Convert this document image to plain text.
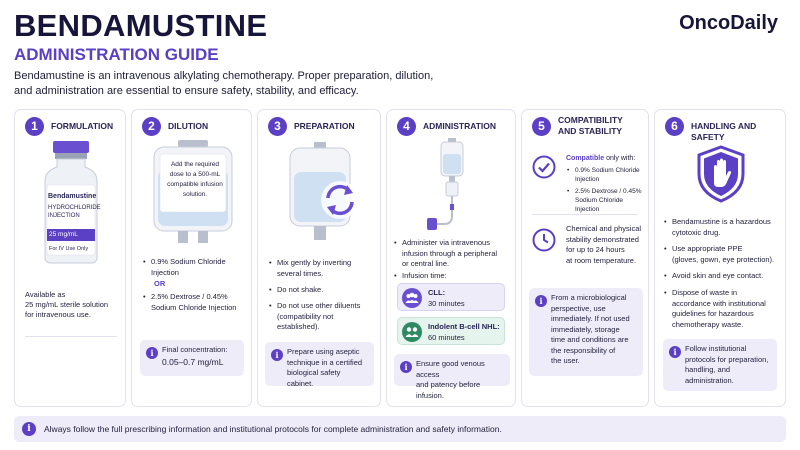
BENDAMUSTINE
ADMINISTRATION GUIDE
OncoDaily
Bendamustine is an intravenous alkylating chemotherapy. Proper preparation, dilution,
and administration are essential to ensure safety, stability, and efficacy.
1	FORMULATION
Bendamustine
HYDROCHLORIDE
INJECTION
25 mg/mL
For IV Use Only
Available as
25 mg/mL sterile solution
for intravenous use.
2	DILUTION
Add the required
dose to a 500-mL
compatible infusion
solution.
• 0.9% Sodium Chloride
Injection
OR
• 2.5% Dextrose / 0.45%
Sodium Chloride Injection
i	Final concentration:
0.05–0.7 mg/mL
3	PREPARATION
• Mix gently by inverting
several times.
• Do not shake.
• Do not use other diluents
(compatibility not
established).
i	Prepare using aseptic
technique in a certified
biological safety cabinet.
4	ADMINISTRATION
• Administer via intravenous
infusion through a peripheral
or central line.
• Infusion time:
CLL:
30 minutes
Indolent B-cell NHL:
60 minutes
i	Ensure good venous access
and patency before infusion.
5	COMPATIBILITY
AND STABILITY
Compatible only with:
• 0.9% Sodium Chloride
Injection
• 2.5% Dextrose / 0.45%
Sodium Chloride Injection
Chemical and physical
stability demonstrated
for up to 24 hours
at room temperature.
i	From a microbiological
perspective, use
immediately. If not used
immediately, storage
time and conditions are
the responsibility of
the user.
6	HANDLING AND SAFETY
• Bendamustine is a hazardous
cytotoxic drug.
• Use appropriate PPE
(gloves, gown, eye protection).
• Avoid skin and eye contact.
• Dispose of waste in
accordance with institutional
guidelines for hazardous
chemotherapy waste.
i	Follow institutional
protocols for preparation,
handling, and
administration.
i	Always follow the full prescribing information and institutional protocols for complete administration and safety information.
